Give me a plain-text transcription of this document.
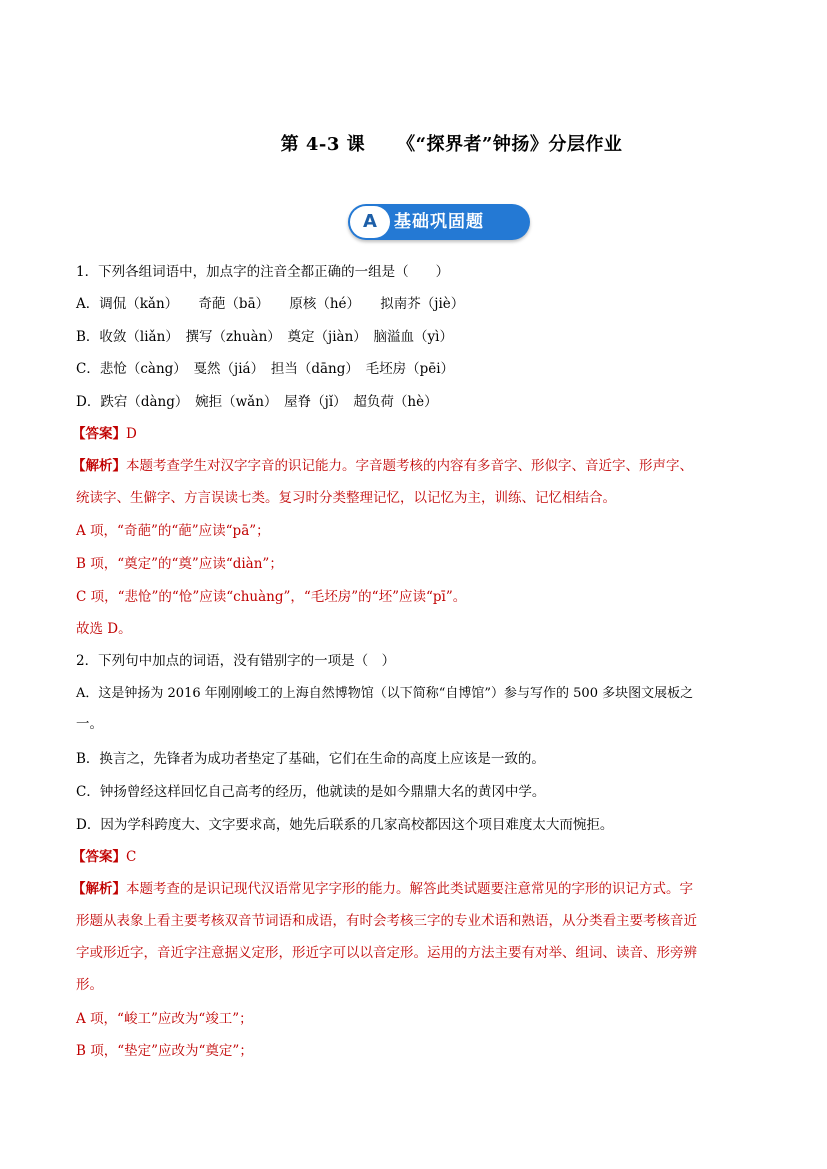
第 4-3 课 《“探界者”钟扬》分层作业
A	基础巩固题
1．下列各组词语中，加点字的注音全都正确的一组是（　　）
A．调侃（kǎn）　　奇葩（bā）　　原核（hé）　　拟南芥（jiè）
B．收敛（liǎn）　撰写（zhuàn）　奠定（jiàn）　脑溢血（yì）
C．悲怆（càng）　戛然（jiá）　担当（dāng）　毛坯房（pēi）
D．跌宕（dàng）　婉拒（wǎn）　屋脊（jǐ）　超负荷（hè）
【答案】D
【解析】本题考查学生对汉字字音的识记能力。字音题考核的内容有多音字、形似字、音近字、形声字、
统读字、生僻字、方言误读七类。复习时分类整理记忆，以记忆为主，训练、记忆相结合。
A 项，“奇葩”的“葩”应读“pā”；
B 项，“奠定”的“奠”应读“diàn”；
C 项，“悲怆”的“怆”应读“chuàng”，“毛坯房”的“坯”应读“pī”。
故选 D。
2．下列句中加点的词语，没有错别字的一项是（　）
A．这是钟扬为 2016 年刚刚峻工的上海自然博物馆（以下简称“自博馆”）参与写作的 500 多块图文展板之
一。
B．换言之，先锋者为成功者垫定了基础，它们在生命的高度上应该是一致的。
C．钟扬曾经这样回忆自己高考的经历，他就读的是如今鼎鼎大名的黄冈中学。
D．因为学科跨度大、文字要求高，她先后联系的几家高校都因这个项目难度太大而惋拒。
【答案】C
【解析】本题考查的是识记现代汉语常见字字形的能力。解答此类试题要注意常见的字形的识记方式。字
形题从表象上看主要考核双音节词语和成语，有时会考核三字的专业术语和熟语，从分类看主要考核音近
字或形近字，音近字注意据义定形，形近字可以以音定形。运用的方法主要有对举、组词、读音、形旁辨
形。
A 项，“峻工”应改为“竣工”；
B 项，“垫定”应改为“奠定”；
